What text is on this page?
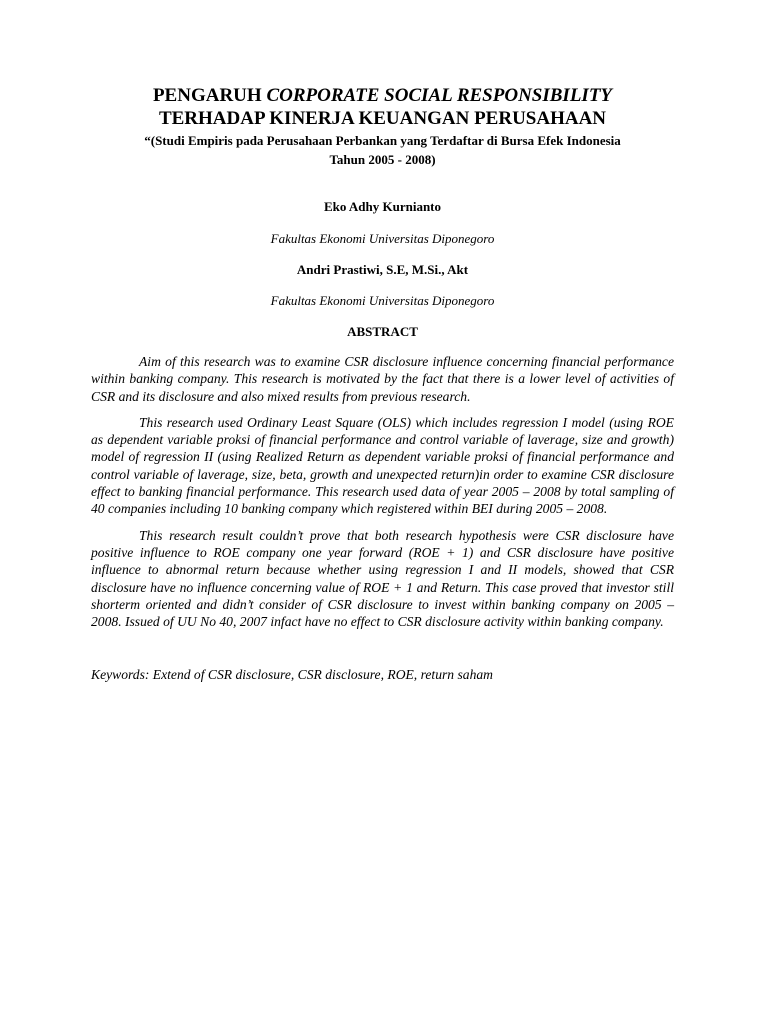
PENGARUH CORPORATE SOCIAL RESPONSIBILITY

TERHADAP KINERJA KEUANGAN PERUSAHAAN

“(Studi Empiris pada Perusahaan Perbankan yang Terdaftar di Bursa Efek Indonesia

Tahun 2005 - 2008)

Eko Adhy Kurnianto

Fakultas Ekonomi Universitas Diponegoro

Andri Prastiwi, S.E, M.Si., Akt

Fakultas Ekonomi Universitas Diponegoro

ABSTRACT

Aim of this research was to examine CSR disclosure influence concerning financial performance within banking company. This research is motivated by the fact that there is a lower level of activities of CSR and its disclosure and also mixed results from previous research.

This research used Ordinary Least Square (OLS) which includes regression I model (using ROE as dependent variable proksi of financial performance and control variable of laverage, size and growth) model of regression II (using Realized Return as dependent variable proksi of financial performance and control variable of laverage, size, beta, growth and unexpected return)in order to examine CSR disclosure effect to banking financial performance. This research used data of year 2005 – 2008 by total sampling of 40 companies including 10 banking company which registered within BEI during 2005 – 2008.

This research result couldn’t prove that both research hypothesis were CSR disclosure have positive influence to ROE company one year forward (ROE + 1) and CSR disclosure have positive influence to abnormal return because whether using regression I and II models, showed that CSR disclosure have no influence concerning value of ROE + 1 and Return. This case proved that investor still shorterm oriented and didn’t consider of CSR disclosure to invest within banking company on 2005 – 2008. Issued of UU No 40, 2007 infact have no effect to CSR disclosure activity within banking company.

Keywords: Extend of CSR disclosure, CSR disclosure, ROE, return saham
